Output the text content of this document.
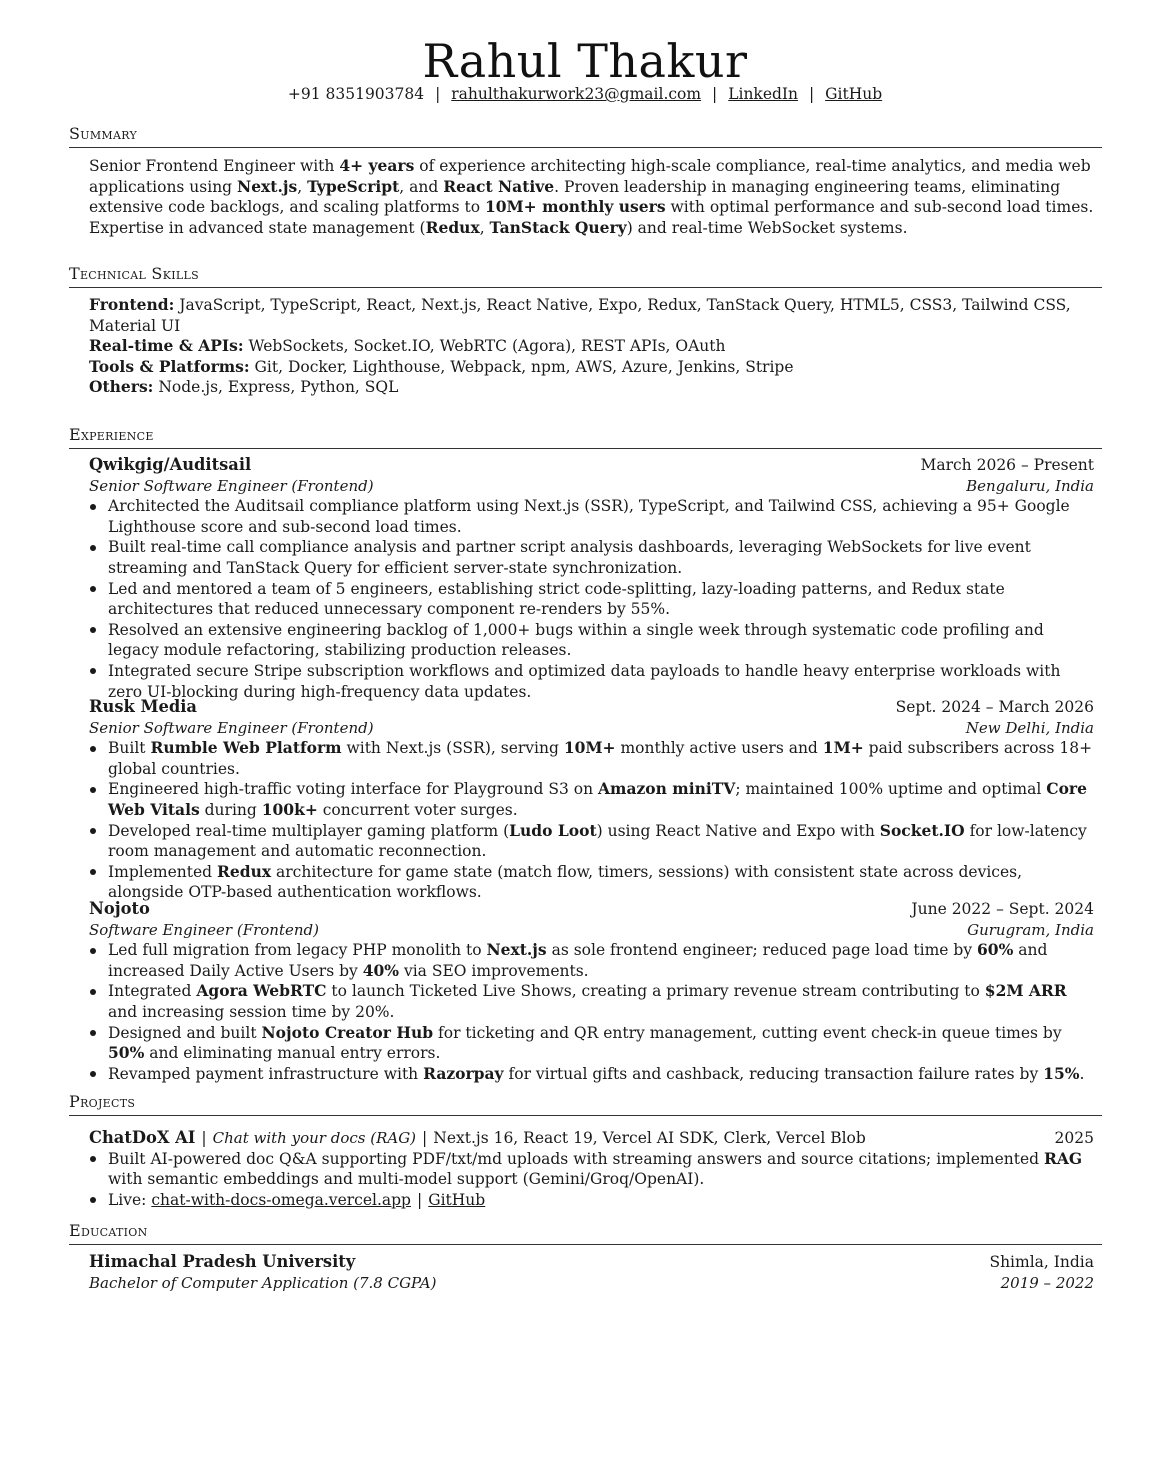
Rahul Thakur
+91 8351903784 | rahulthakurwork23@gmail.com | LinkedIn | GitHub
Summary

Senior Frontend Engineer with 4+ years of experience architecting high-scale compliance, real-time analytics, and media web applications using Next.js, TypeScript, and React Native. Proven leadership in managing engineering teams, eliminating extensive code backlogs, and scaling platforms to 10M+ monthly users with optimal performance and sub-second load times. Expertise in advanced state management (Redux, TanStack Query) and real-time WebSocket systems.

Technical Skills
Frontend: JavaScript, TypeScript, React, Next.js, React Native, Expo, Redux, TanStack Query, HTML5, CSS3, Tailwind CSS, Material UI
Real-time & APIs: WebSockets, Socket.IO, WebRTC (Agora), REST APIs, OAuth
Tools & Platforms: Git, Docker, Lighthouse, Webpack, npm, AWS, Azure, Jenkins, Stripe
Others: Node.js, Express, Python, SQL
Experience
Qwikgig/Auditsail	March 2026 – Present
Senior Software Engineer (Frontend)	Bengaluru, India
Architected the Auditsail compliance platform using Next.js (SSR), TypeScript, and Tailwind CSS, achieving a 95+ Google Lighthouse score and sub-second load times.
Built real-time call compliance analysis and partner script analysis dashboards, leveraging WebSockets for live event streaming and TanStack Query for efficient server-state synchronization.
Led and mentored a team of 5 engineers, establishing strict code-splitting, lazy-loading patterns, and Redux state architectures that reduced unnecessary component re-renders by 55%.
Resolved an extensive engineering backlog of 1,000+ bugs within a single week through systematic code profiling and legacy module refactoring, stabilizing production releases.
Integrated secure Stripe subscription workflows and optimized data payloads to handle heavy enterprise workloads with zero UI-blocking during high-frequency data updates.
Rusk Media	Sept. 2024 – March 2026
Senior Software Engineer (Frontend)	New Delhi, India
Built Rumble Web Platform with Next.js (SSR), serving 10M+ monthly active users and 1M+ paid subscribers across 18+ global countries.
Engineered high-traffic voting interface for Playground S3 on Amazon miniTV; maintained 100% uptime and optimal Core Web Vitals during 100k+ concurrent voter surges.
Developed real-time multiplayer gaming platform (Ludo Loot) using React Native and Expo with Socket.IO for low-latency room management and automatic reconnection.
Implemented Redux architecture for game state (match flow, timers, sessions) with consistent state across devices, alongside OTP-based authentication workflows.
Nojoto	June 2022 – Sept. 2024
Software Engineer (Frontend)	Gurugram, India
Led full migration from legacy PHP monolith to Next.js as sole frontend engineer; reduced page load time by 60% and increased Daily Active Users by 40% via SEO improvements.
Integrated Agora WebRTC to launch Ticketed Live Shows, creating a primary revenue stream contributing to $2M ARR and increasing session time by 20%.
Designed and built Nojoto Creator Hub for ticketing and QR entry management, cutting event check-in queue times by 50% and eliminating manual entry errors.
Revamped payment infrastructure with Razorpay for virtual gifts and cashback, reducing transaction failure rates by 15%.
Projects
ChatDoX AI | Chat with your docs (RAG) | Next.js 16, React 19, Vercel AI SDK, Clerk, Vercel Blob	2025
Built AI-powered doc Q&A supporting PDF/txt/md uploads with streaming answers and source citations; implemented RAG with semantic embeddings and multi-model support (Gemini/Groq/OpenAI).
Live: chat-with-docs-omega.vercel.app | GitHub
Education
Himachal Pradesh University	Shimla, India
Bachelor of Computer Application (7.8 CGPA)	2019 – 2022
